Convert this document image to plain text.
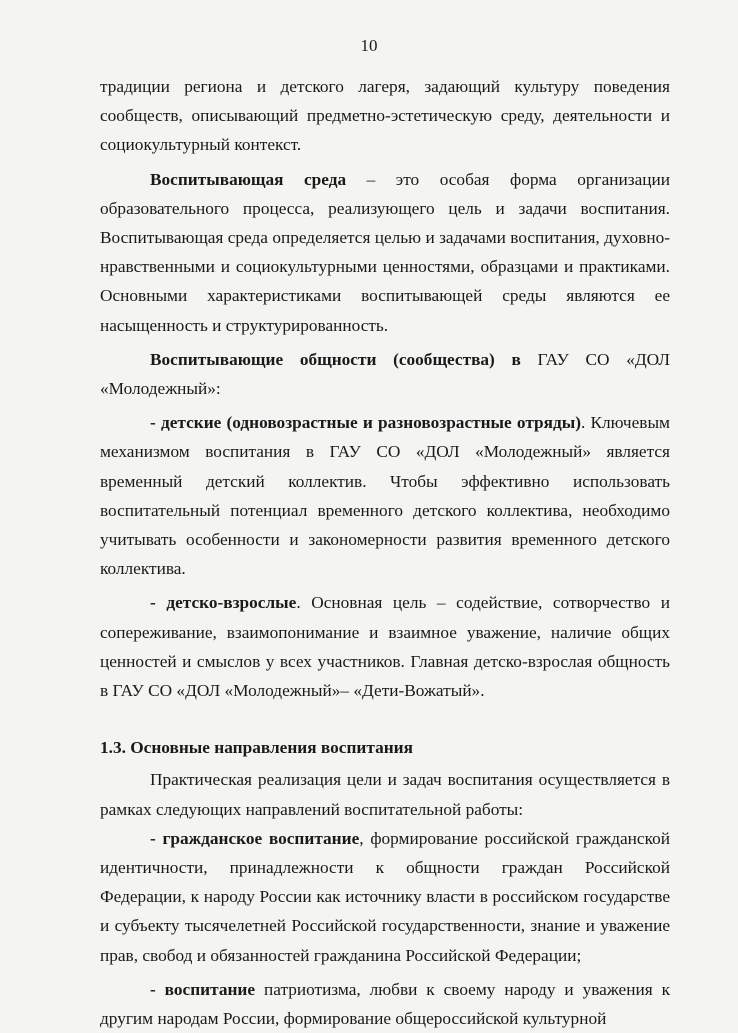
10

традиции региона и детского лагеря, задающий культуру поведения сообществ, описывающий предметно-эстетическую среду, деятельности и социокультурный контекст.

Воспитывающая среда – это особая форма организации образовательного процесса, реализующего цель и задачи воспитания. Воспитывающая среда определяется целью и задачами воспитания, духовно-нравственными и социокультурными ценностями, образцами и практиками. Основными характеристиками воспитывающей среды являются ее насыщенность и структурированность.

Воспитывающие общности (сообщества) в ГАУ СО «ДОЛ «Молодежный»:

- детские (одновозрастные и разновозрастные отряды). Ключевым механизмом воспитания в ГАУ СО «ДОЛ «Молодежный» является временный детский коллектив. Чтобы эффективно использовать воспитательный потенциал временного детского коллектива, необходимо учитывать особенности и закономерности развития временного детского коллектива.

- детско-взрослые. Основная цель – содействие, сотворчество и сопереживание, взаимопонимание и взаимное уважение, наличие общих ценностей и смыслов у всех участников. Главная детско-взрослая общность в ГАУ СО «ДОЛ «Молодежный»– «Дети-Вожатый».

1.3. Основные направления воспитания

Практическая реализация цели и задач воспитания осуществляется в рамках следующих направлений воспитательной работы:

- гражданское воспитание, формирование российской гражданской идентичности, принадлежности к общности граждан Российской Федерации, к народу России как источнику власти в российском государстве и субъекту тысячелетней Российской государственности, знание и уважение прав, свобод и обязанностей гражданина Российской Федерации;

- воспитание патриотизма, любви к своему народу и уважения к другим народам России, формирование общероссийской культурной
